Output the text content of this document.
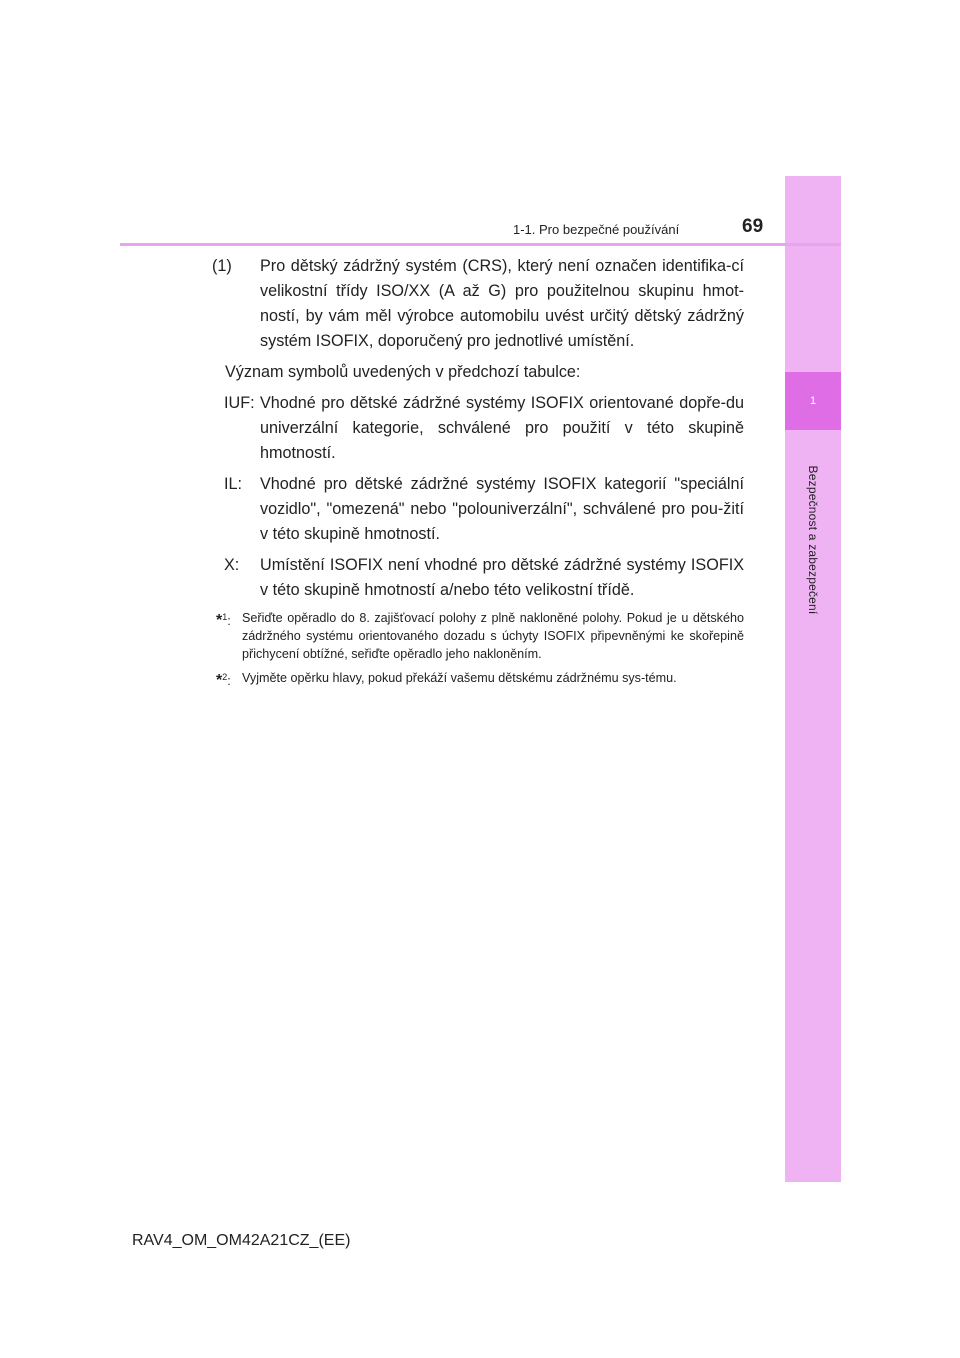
1
Bezpečnost a zabezpečení
1-1. Pro bezpečné používání	69
(1)	Pro dětský zádržný systém (CRS), který není označen identifika-cí velikostní třídy ISO/XX (A až G) pro použitelnou skupinu hmot-ností, by vám měl výrobce automobilu uvést určitý dětský zádržný systém ISOFIX, doporučený pro jednotlivé umístění.
Význam symbolů uvedených v předchozí tabulce:
IUF: Vhodné pro dětské zádržné systémy ISOFIX orientované dopře-du univerzální kategorie, schválené pro použití v této skupině hmotností.
IL:	Vhodné pro dětské zádržné systémy ISOFIX kategorií "speciální vozidlo", "omezená" nebo "polouniverzální", schválené pro pou-žití v této skupině hmotností.
X:	Umístění ISOFIX není vhodné pro dětské zádržné systémy ISOFIX v této skupině hmotností a/nebo této velikostní třídě.
*$^1$: Seřiďte opěradlo do 8. zajišťovací polohy z plně nakloněné polohy. Pokud je u dětského zádržného systému orientovaného dozadu s úchyty ISOFIX připevněnými ke skořepině přichycení obtížné, seřiďte opěradlo jeho nakloněním.
*$^2$: Vyjměte opěrku hlavy, pokud překáží vašemu dětskému zádržnému sys-tému.
RAV4_OM_OM42A21CZ_(EE)
